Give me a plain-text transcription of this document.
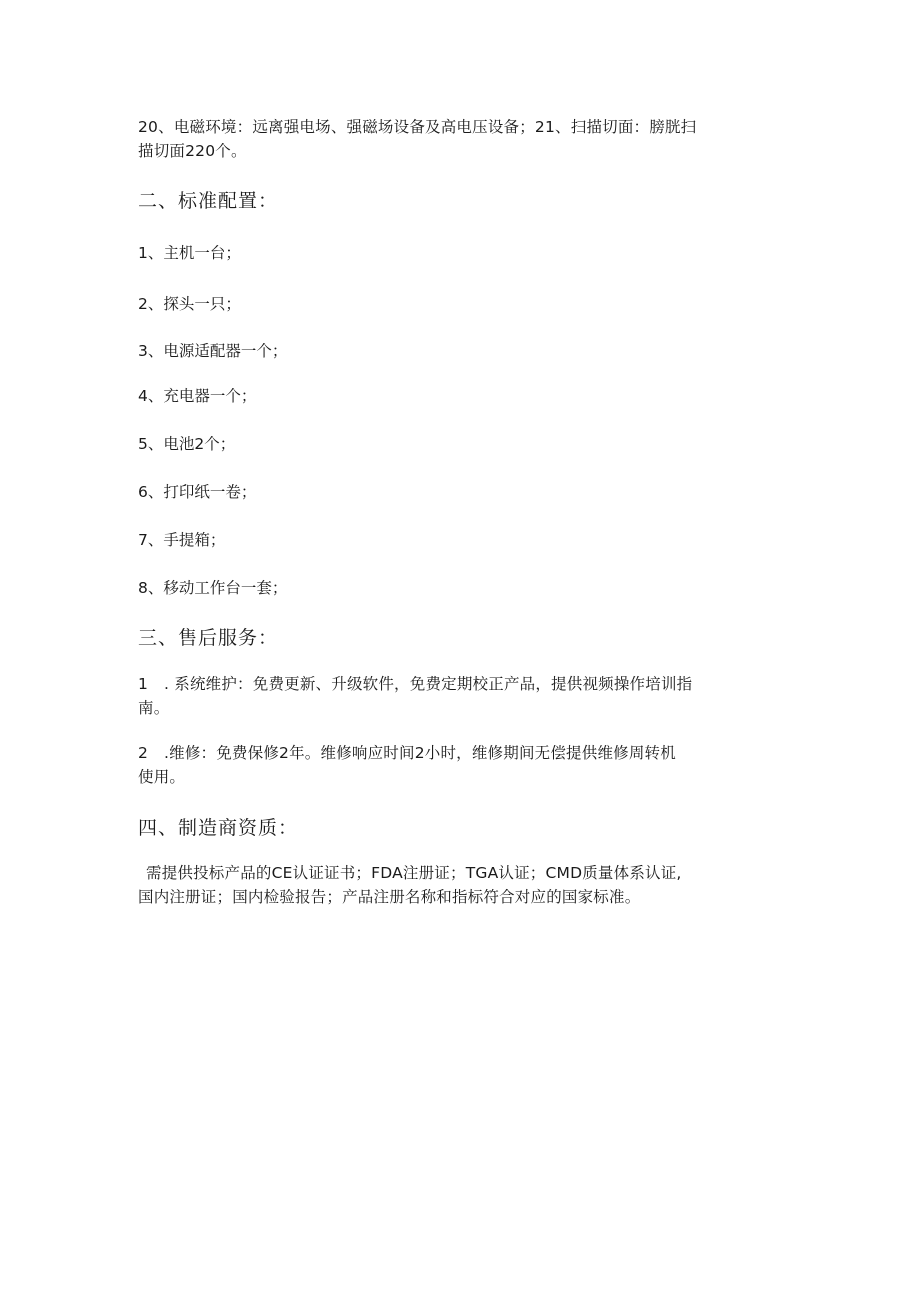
20、电磁环境：远离强电场、强磁场设备及高电压设备；21、扫描切面：膀胱扫

描切面220个。

二、标准配置：

1、主机一台；

2、探头一只；

3、电源适配器一个；

4、充电器一个；

5、电池2个；

6、打印纸一卷；

7、手提箱；

8、移动工作台一套；

三、售后服务：

1 . 系统维护：免费更新、升级软件，免费定期校正产品，提供视频操作培训指

南。

2 .维修：免费保修2年。维修响应时间2小时，维修期间无偿提供维修周转机

使用。

四、制造商资质：

需提供投标产品的CE认证证书；FDA注册证；TGA认证；CMD质量体系认证,

国内注册证；国内检验报告；产品注册名称和指标符合对应的国家标准。
